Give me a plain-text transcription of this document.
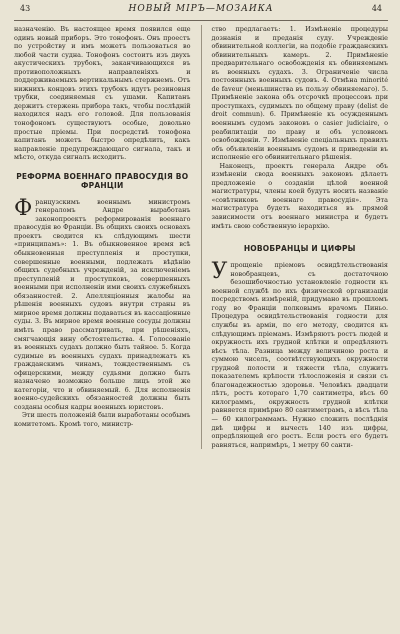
43	НОВЫЙ МІРЪ—МОЗАИКА	44

назначенію. Въ настоящее время появился еще одинъ новый приборъ. Это тонофонъ. Онъ проестъ по устройству и имъ можетъ пользоваться во любой части судна. Тонофонъ состоитъ изъ двухъ акустическихъ трубокъ, заканчивающихся въ противоположныхъ направленіяхъ и поддерживаемыхъ вертикальнымъ стержнемъ. Отъ нижнихъ концовъ этихъ трубокъ идутъ резиновыя трубки, соединяемыя съ ушами. Капитанъ держитъ стержень прибора такъ, чтобы послѣдній находился надъ его головой. Для пользованія тонофономъ существуютъ особые, довольно простые пріемы. При посредствѣ тонофона капитанъ можетъ быстро опредѣлить, какъ направленіе предупреждающаго сигнала, такъ и мѣсто, откуда сигналъ исходитъ.

РЕФОРМА ВОЕННАГО ПРАВОСУДІЯ ВО ФРАНЦІИ

Французскимъ военнымъ министромъ генераломъ Андре выработанъ законопроектъ реформированія военнаго правосудія во Франціи. Въ общихъ своихъ основахъ проектъ сводится къ слѣдующимъ шести «принципамъ»: 1. Въ обыкновенное время всѣ обыкновенныя преступленія и проступки, совершенные военными, подлежать вѣдѣнію общихъ судебныхъ учрежденій, за исключеніемъ преступленій и проступковъ, совершенныхъ военными при исполненіи ими своихъ служебныхъ обязанностей. 2. Апелляціонныя жалобы на рѣшенія военныхъ судовъ внутри страны въ мирное время должны подаваться въ кассаціонные суды. 3. Въ мирное время военные сосуды должны имѣть право рассматривать, при рѣшеніяхъ, смягчающія вину обстоятельства. 4. Голосованіе въ военныхъ судахъ должно быть тайное. 5. Когда судимые въ военныхъ судахъ принадлежатъ къ гражданскимъ чинамъ, тождественнымъ съ офицерскими, между судьями должно быть назначено возможно больше лицъ этой же категоріи, что и обвиняемый. 6. Для исполненія военно-судейскихъ обязанностей должны быть созданы особыя кадры военныхъ юристовъ.

Эти шесть положеній были выработаны особымъ комитетомъ. Кромѣ того, министр-

ство предлагаетъ: 1. Измѣненіе процедуры дознанія и преданія суду. Учрежденіе обвинительной коллегіи, на подобіе гражданскихъ обвинительныхъ камеръ. 2. Примѣненіе предварительнаго освобожденія къ обвиняемымъ въ военныхъ судахъ. 3. Ограниченіе числа постоянныхъ военныхъ судовъ. 4. Отмѣна minorité de faveur (меньшинства въ пользу обвиняемаго). 5. Примѣненіе закона объ отсрочкѣ процессовъ при проступкахъ, судимыхъ по общему праву (delist de droit commun). 6. Примѣненіе къ осужденнымъ военнымъ судомъ законовъ о casier judiciaire, о реабилитаціи по праву и объ условномъ освобожденіи. 7. Измѣненіе спеціальныхъ правилъ объ объявленіи военнымъ судомъ и приведеніи въ исполненіе его обвинительнаго рѣшенія.

Наконецъ, проектъ генерала Андре объ измѣненіи свода военныхъ законовъ дѣлаетъ предложеніе о созданіи цѣлой военной магистратуры, члены коей будутъ носить названіе «совѣтниковъ военнаго правосудія». Эта магистратура будетъ находиться въ прямой зависимости отъ военнаго министра и будетъ имѣть свою собственную іерархію.

НОВОБРАНЦЫ И ЦИФРЫ

Упрощеніе пріемовъ освидѣтельствованія новобранцевъ, съ достаточною безошибочностью установленіе годности къ военной службѣ по ихъ физической организаціи посредствомъ измѣреній, придумано въ прошломъ году во Франціи полковымъ врачомъ Пиньо. Процедура освидѣтельствованія годности для службы въ арміи, по его методу, сводится къ слѣдующимъ пріемамъ. Измѣряютъ ростъ людей и окружность ихъ грудной клѣтки и опредѣляютъ вѣсъ тѣла. Разница между величиною роста и суммою чиселъ, соотвѣтствующихъ окружности грудной полости и тяжести тѣла, служитъ показателемъ крѣпости тѣлосложенія и связи съ благонадежностью здоровья. Человѣкъ двадцати лѣтъ, ростъ котораго 1,70 сантиметра, вѣсъ 60 килограммъ, окружность грудной клѣтки равняется примѣрно 80 сантиметрамъ, а вѣсъ тѣла — 60 килограммамъ. Нужно сложить послѣднія двѣ цифры и вычесть 140 изъ цифры, опредѣляющей его ростъ. Если ростъ его будетъ равняться, напримѣръ, 1 метру 60 санти-
